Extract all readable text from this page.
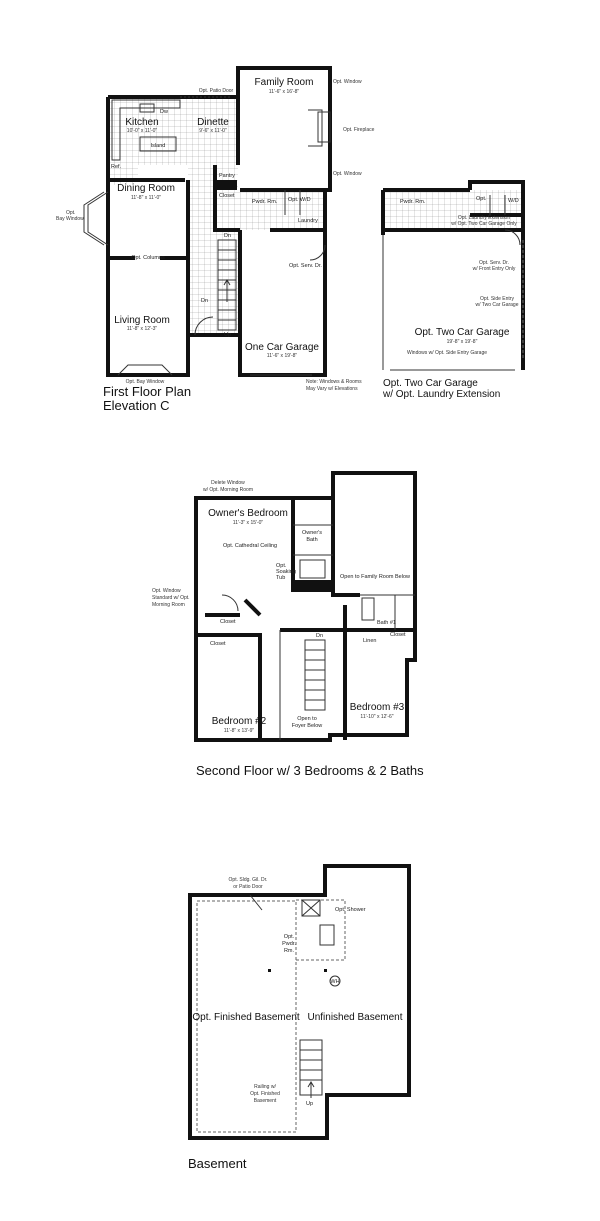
Family Room
11'-6" x 16'-8"
Opt. Patio Door
Opt. Window
Opt. Fireplace
Opt. Window
Kitchen
10'-0" x 11'-0"
Dw
Island
Ref.
Dinette
9'-6" x 11'-0"
Pantry
Closet
Pwdr. Rm. Opt. W/D
Laundry
Dining Room
11'-8" x 11'-0"
Opt.
Bay Window
Opt. Columns
Dn
Dn
Up
Opt. Serv. Dr.
Living Room
11'-8" x 12'-3"
Opt. Bay Window
One Car Garage
11'-6" x 19'-8"
Note: Windows & Rooms
May Vary w/ Elevations
First Floor Plan
Elevation C
Pwdr. Rm.	Opt.	W/D
Opt. Laundry Extension
w/ Opt. Two Car Garage Only
Opt. Serv. Dr.
w/ Front Entry Only
Opt. Side Entry
w/ Two Car Garage
Opt. Two Car Garage
19'-8" x 19'-8"
Windows w/ Opt. Side Entry Garage
Opt. Two Car Garage
w/ Opt. Laundry Extension
Delete Window
w/ Opt. Morning Room
Owner's Bedroom
11'-3" x 15'-0"
Owner's
Bath
Opt. Cathedral Ceiling
Opt.
Soaking
Tub	Open to Family Room Below
Opt. Window
Standard w/ Opt.
Morning Room
Closet
Closet
Closet
Bath #1
Linen
Dn
Bedroom #2
11'-8" x 13'-9"
Open to
Foyer Below
Bedroom #3
11'-10" x 12'-6"
Second Floor w/ 3 Bedrooms & 2 Baths
Opt. Sldg. Gil. Dr.
or Patio Door
Opt. Shower
Opt.
Pwdr.
Rm.
WH
Opt. Finished Basement Unfinished Basement
Railing w/
Opt. Finished
Basement	Up
Basement
